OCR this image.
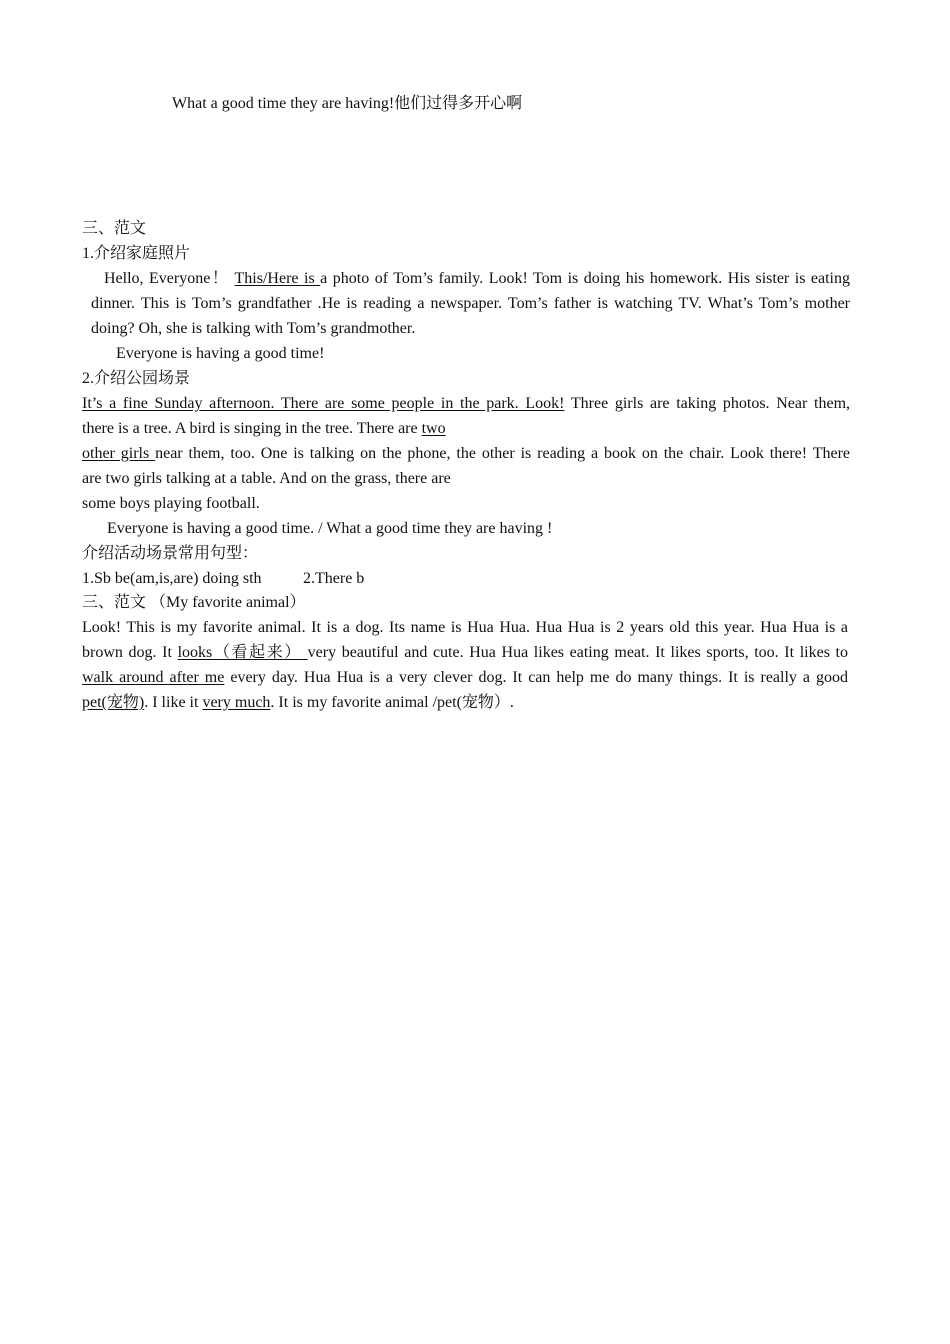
What a good time they are having!他们过得多开心啊
三、范文
1.介绍家庭照片
Hello, Everyone！ This/Here is a photo of Tom’s family. Look! Tom is doing his homework. His sister is eating
dinner. This is Tom’s grandfather .He is reading a newspaper. Tom’s father is watching TV. What’s Tom’s mother
doing? Oh, she is talking with Tom’s grandmother.
Everyone is having a good time!
2.介绍公园场景
It’s a fine Sunday afternoon. There are some people in the park. Look! Three girls are taking photos. Near them,
there is a tree. A bird is singing in the tree. There are two
other girls near them, too. One is talking on the phone, the other is reading a book on the chair. Look there! There
are two girls talking at a table. And on the grass, there are
some boys playing football.
Everyone is having a good time. / What a good time they are having !
介绍活动场景常用句型：
1.Sb be(am,is,are) doing sth	2.There b
三、范文 （My favorite animal）
Look! This is my favorite animal. It is a dog. Its name is Hua Hua. Hua Hua is 2 years old this year. Hua Hua is a
brown dog. It looks（看起来） very beautiful and cute. Hua Hua likes eating meat. It likes sports, too. It likes to
walk around after me every day. Hua Hua is a very clever dog. It can help me do many things. It is really a good
pet(宠物). I like it very much. It is my favorite animal /pet(宠物）.
